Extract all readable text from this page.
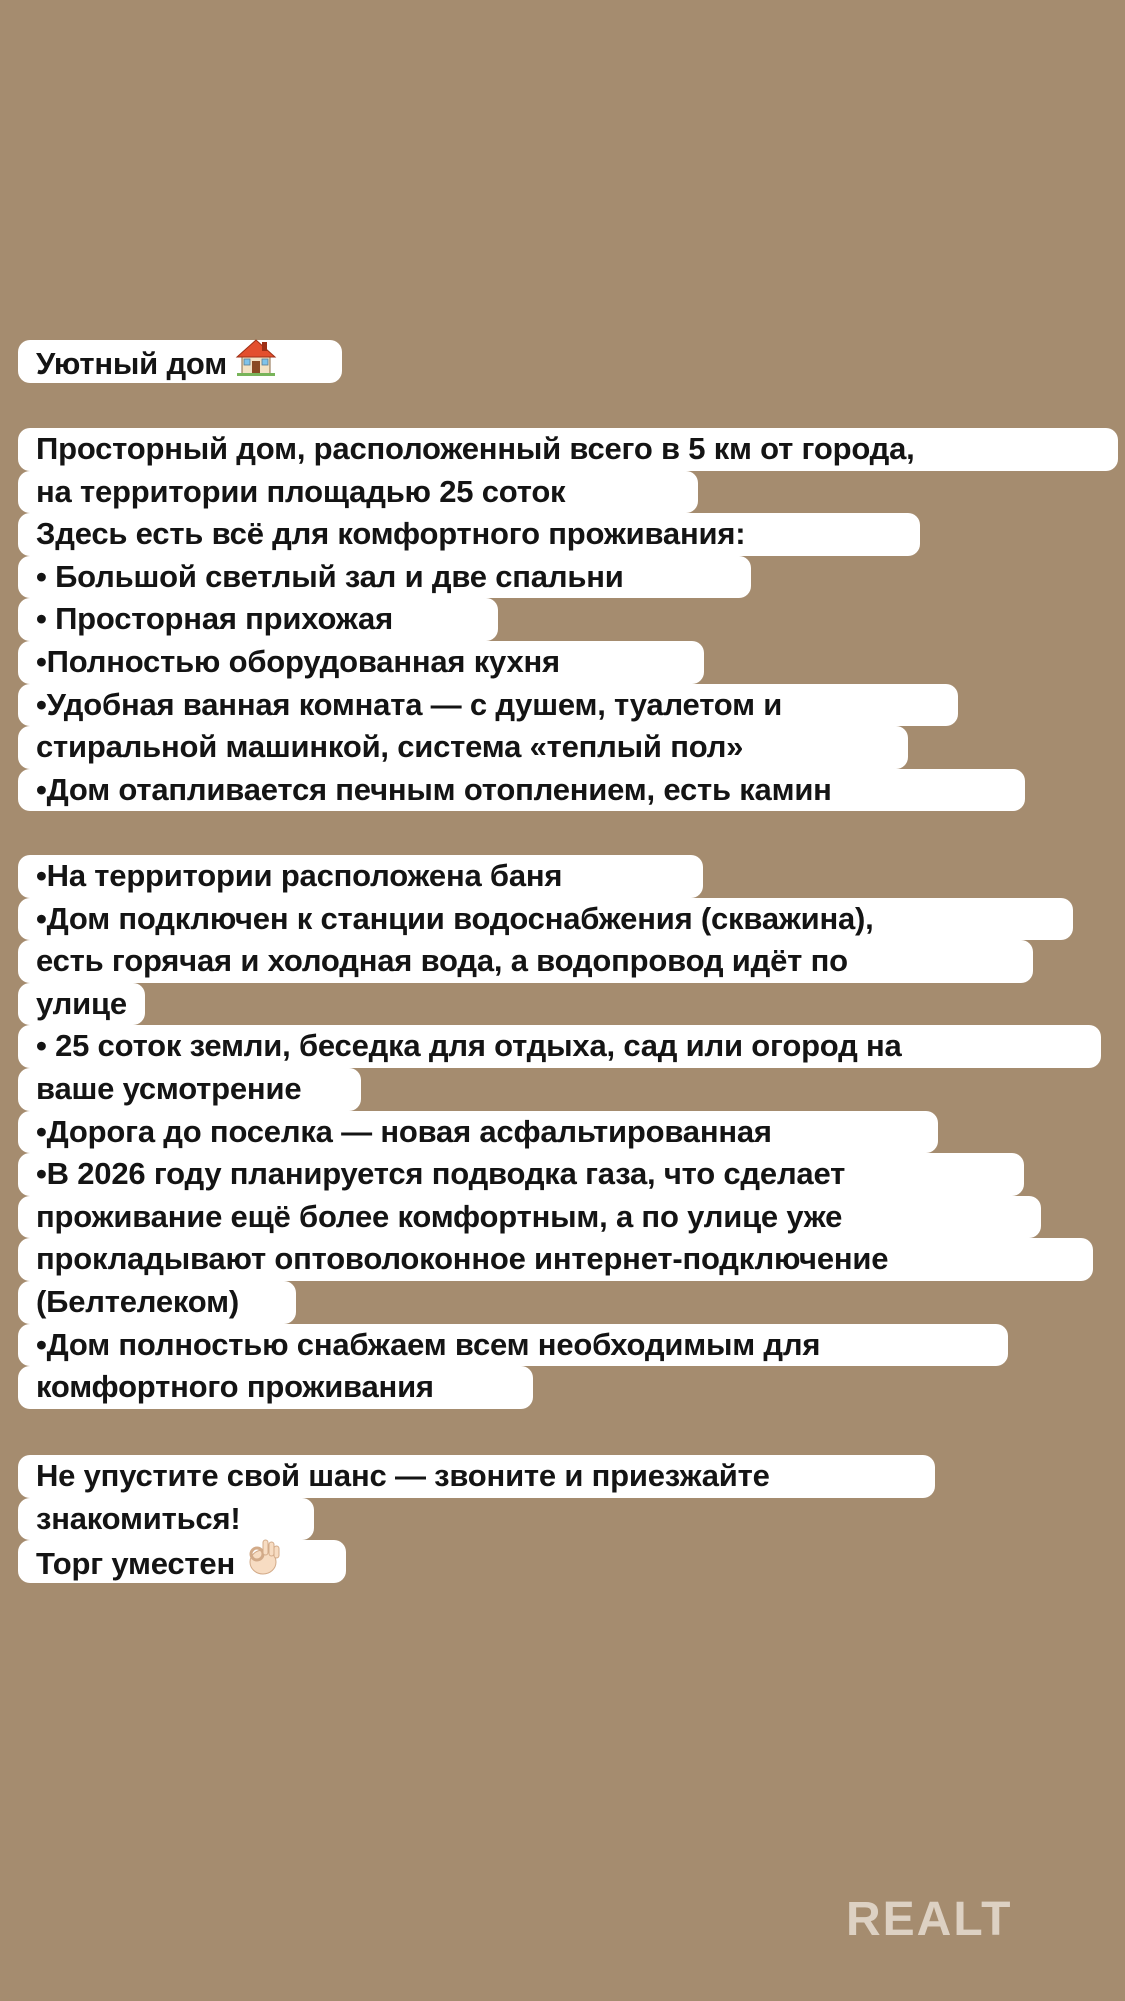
Уютный дом
Просторный дом, расположенный всего в 5 км от города,
на территории площадью 25 соток
Здесь есть всё для комфортного проживания:
• Большой светлый зал и две спальни
• Просторная прихожая
•Полностью оборудованная кухня
•Удобная ванная комната — с душем, туалетом и
стиральной машинкой, система «теплый пол»
•Дом отапливается печным отоплением, есть камин
•На территории расположена баня
•Дом подключен к станции водоснабжения (скважина),
есть горячая и холодная вода, а водопровод идёт по
улице
• 25 соток земли, беседка для отдыха, сад или огород на
ваше усмотрение
•Дорога до поселка — новая асфальтированная
•В 2026 году планируется подводка газа, что сделает
проживание ещё более комфортным, а по улице уже
прокладывают оптоволоконное интернет-подключение
(Белтелеком)
•Дом полностью снабжаем всем необходимым для
комфортного проживания
Не упустите свой шанс — звоните и приезжайте
знакомиться!
Торг уместен
REALT
